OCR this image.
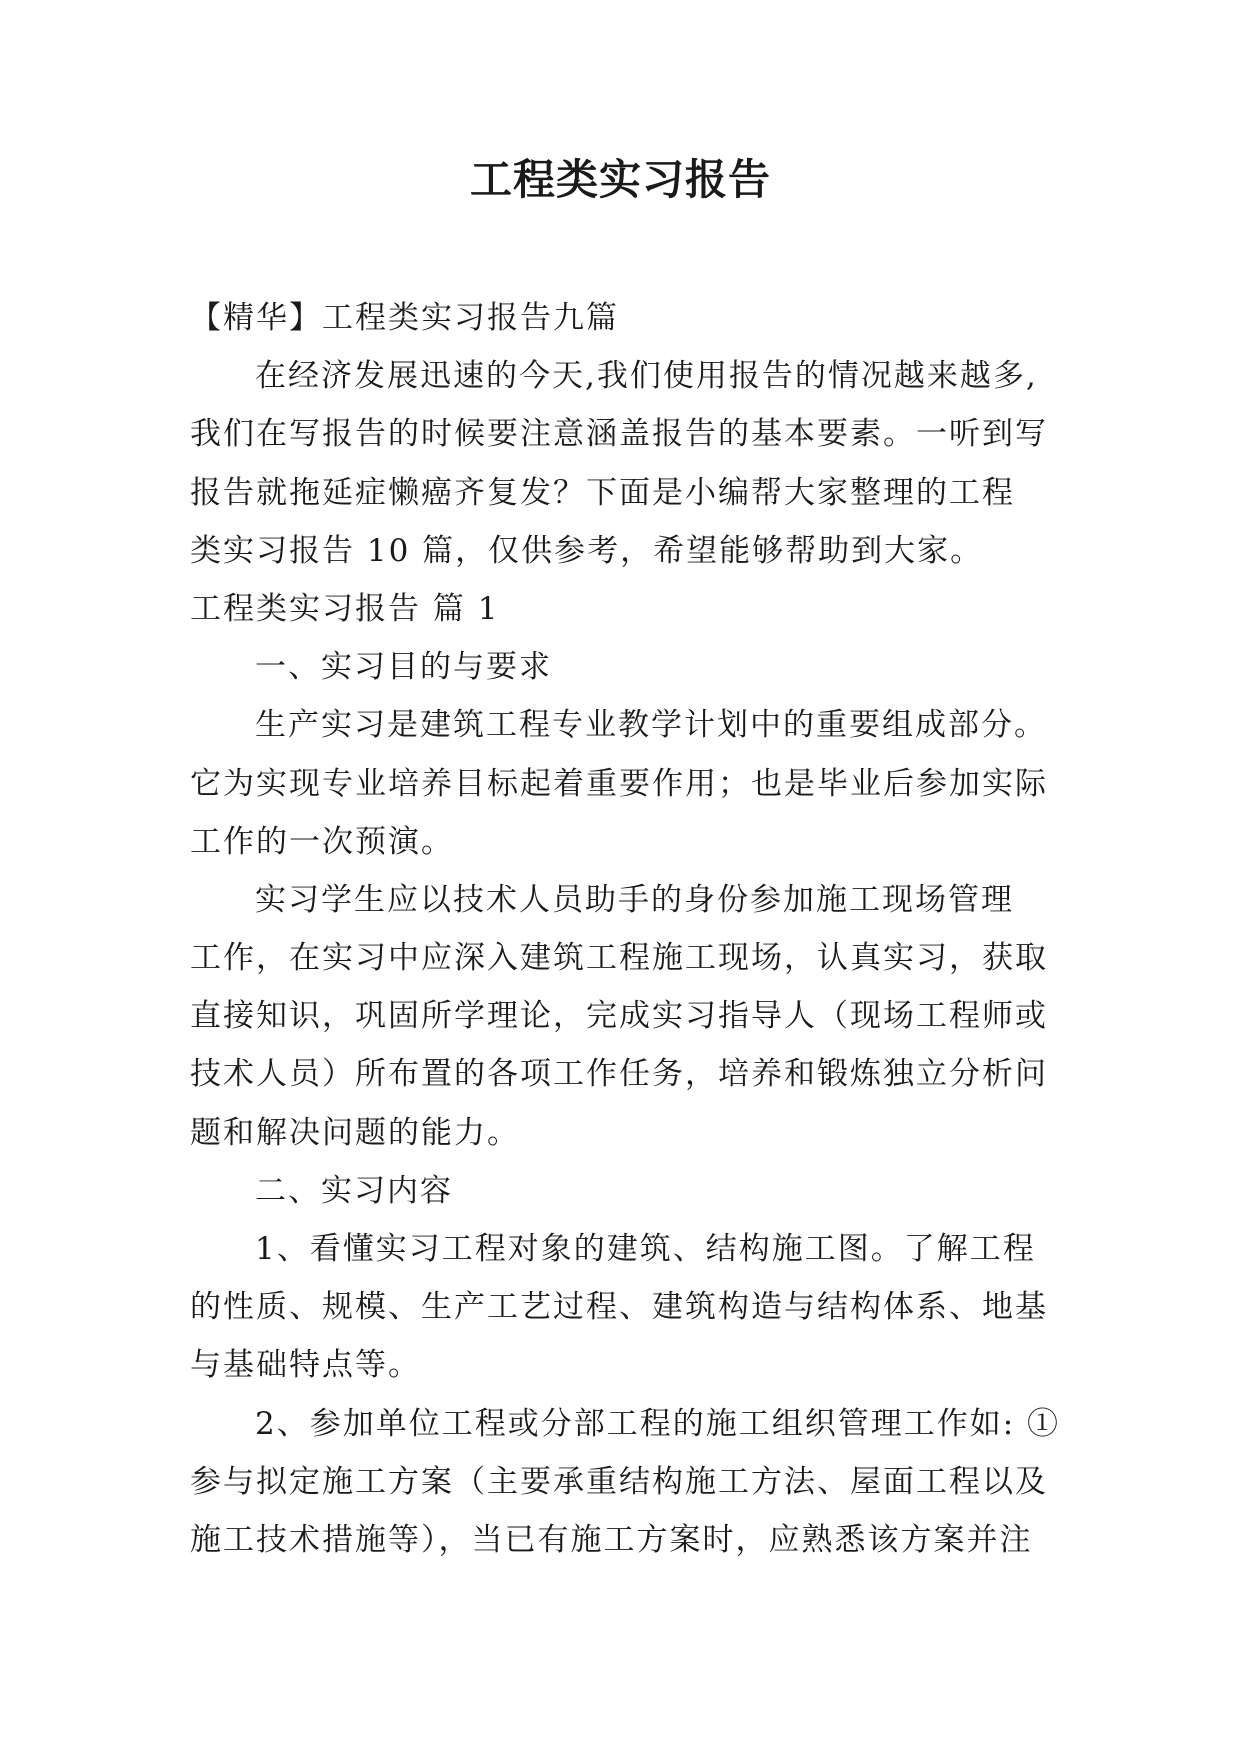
工程类实习报告

【精华】工程类实习报告九篇

在经济发展迅速的今天,我们使用报告的情况越来越多,

我们在写报告的时候要注意涵盖报告的基本要素。一听到写

报告就拖延症懒癌齐复发？下面是小编帮大家整理的工程

类实习报告 10 篇，仅供参考，希望能够帮助到大家。

工程类实习报告 篇 1

一、实习目的与要求

生产实习是建筑工程专业教学计划中的重要组成部分。

它为实现专业培养目标起着重要作用；也是毕业后参加实际

工作的一次预演。

实习学生应以技术人员助手的身份参加施工现场管理

工作，在实习中应深入建筑工程施工现场，认真实习，获取

直接知识，巩固所学理论，完成实习指导人（现场工程师或

技术人员）所布置的各项工作任务，培养和锻炼独立分析问

题和解决问题的能力。

二、实习内容

1、看懂实习工程对象的建筑、结构施工图。了解工程

的性质、规模、生产工艺过程、建筑构造与结构体系、地基

与基础特点等。

2、参加单位工程或分部工程的施工组织管理工作如: ①

参与拟定施工方案（主要承重结构施工方法、屋面工程以及

施工技术措施等），当已有施工方案时，应熟悉该方案并注
